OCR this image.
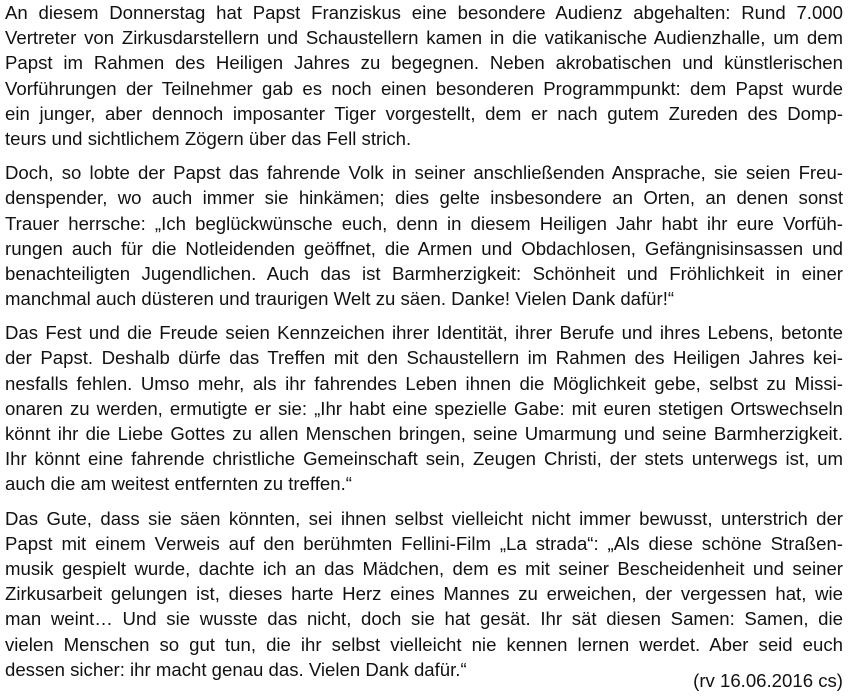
An diesem Donnerstag hat Papst Franziskus eine besondere Audienz abgehalten: Rund 7.000
Vertreter von Zirkusdarstellern und Schaustellern kamen in die vatikanische Audienzhalle, um dem
Papst im Rahmen des Heiligen Jahres zu begegnen. Neben akrobatischen und künstlerischen
Vorführungen der Teilnehmer gab es noch einen besonderen Programmpunkt: dem Papst wurde
ein junger, aber dennoch imposanter Tiger vorgestellt, dem er nach gutem Zureden des Domp-
teurs und sichtlichem Zögern über das Fell strich.
Doch, so lobte der Papst das fahrende Volk in seiner anschließenden Ansprache, sie seien Freu-
denspender, wo auch immer sie hinkämen; dies gelte insbesondere an Orten, an denen sonst
Trauer herrsche: „Ich beglückwünsche euch, denn in diesem Heiligen Jahr habt ihr eure Vorfüh-
rungen auch für die Notleidenden geöffnet, die Armen und Obdachlosen, Gefängnisinsassen und
benachteiligten Jugendlichen. Auch das ist Barmherzigkeit: Schönheit und Fröhlichkeit in einer
manchmal auch düsteren und traurigen Welt zu säen. Danke! Vielen Dank dafür!“
Das Fest und die Freude seien Kennzeichen ihrer Identität, ihrer Berufe und ihres Lebens, betonte
der Papst. Deshalb dürfe das Treffen mit den Schaustellern im Rahmen des Heiligen Jahres kei-
nesfalls fehlen. Umso mehr, als ihr fahrendes Leben ihnen die Möglichkeit gebe, selbst zu Missi-
onaren zu werden, ermutigte er sie: „Ihr habt eine spezielle Gabe: mit euren stetigen Ortswechseln
könnt ihr die Liebe Gottes zu allen Menschen bringen, seine Umarmung und seine Barmherzigkeit.
Ihr könnt eine fahrende christliche Gemeinschaft sein, Zeugen Christi, der stets unterwegs ist, um
auch die am weitest entfernten zu treffen.“
Das Gute, dass sie säen könnten, sei ihnen selbst vielleicht nicht immer bewusst, unterstrich der
Papst mit einem Verweis auf den berühmten Fellini-Film „La strada“: „Als diese schöne Straßen-
musik gespielt wurde, dachte ich an das Mädchen, dem es mit seiner Bescheidenheit und seiner
Zirkusarbeit gelungen ist, dieses harte Herz eines Mannes zu erweichen, der vergessen hat, wie
man weint… Und sie wusste das nicht, doch sie hat gesät. Ihr sät diesen Samen: Samen, die
vielen Menschen so gut tun, die ihr selbst vielleicht nie kennen lernen werdet. Aber seid euch
dessen sicher: ihr macht genau das. Vielen Dank dafür.“
(rv 16.06.2016 cs)
